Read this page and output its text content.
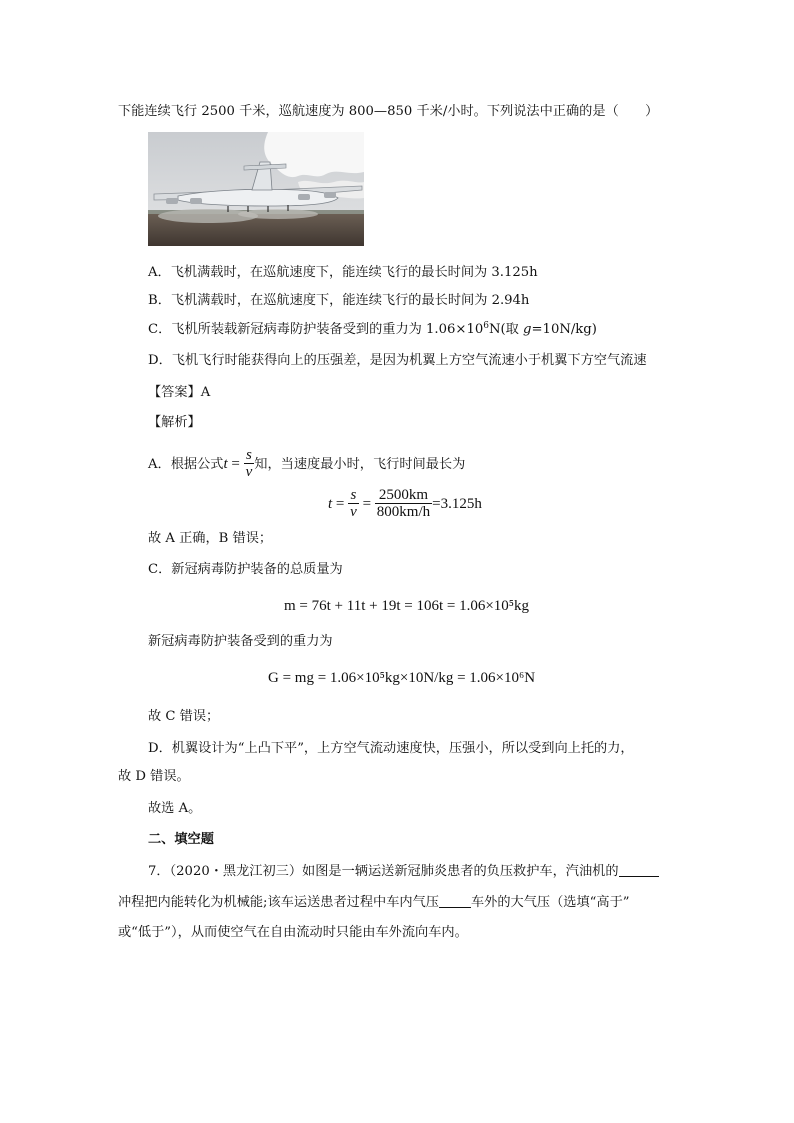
下能连续飞行 2500 千米，巡航速度为 800—850 千米/小时。下列说法中正确的是（　　）
A．飞机满载时，在巡航速度下，能连续飞行的最长时间为 3.125h
B．飞机满载时，在巡航速度下，能连续飞行的最长时间为 2.94h
C．飞机所装载新冠病毒防护装备受到的重力为 $1.06\times 10^6N$(取 g=10N/kg)
D．飞机飞行时能获得向上的压强差，是因为机翼上方空气流速小于机翼下方空气流速
【答案】A
【解析】
A．根据公式$t = \frac{s}{v}$ 知，当速度最小时，飞行时间最长为
$t = \frac{s}{v} = \frac{2500km}{800km/h} =3.125h$
故 A 正确，B 错误；
C．新冠病毒防护装备的总质量为
m = 76t + 11t + 19t = 106t = 1.06×10⁵kg
新冠病毒防护装备受到的重力为
G = mg = 1.06×10⁵kg×10N/kg = 1.06×10⁶N
故 C 错误；
D．机翼设计为“上凸下平”，上方空气流动速度快，压强小，所以受到向上托的力，
故 D 错误。
故选 A。
二、填空题
7．（2020・黑龙江初三）如图是一辆运送新冠肺炎患者的负压救护车，汽油机的
冲程把内能转化为机械能;该车运送患者过程中车内气压 车外的大气压（选填“高于”
或“低于”），从而使空气在自由流动时只能由车外流向车内。
